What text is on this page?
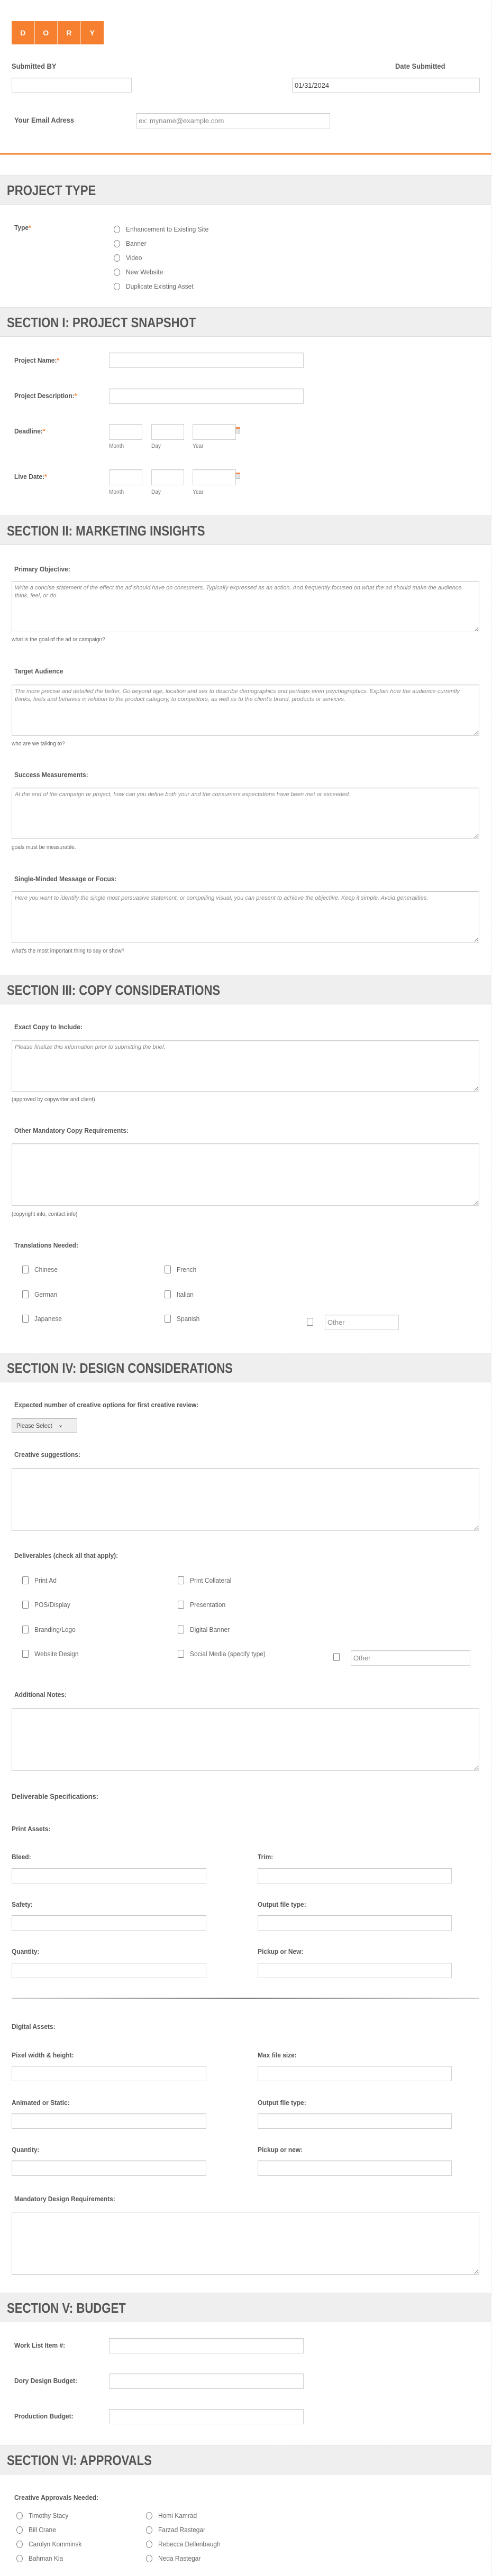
D	O	R	Y
Submitted BY	Date Submitted
01/31/2024
Your Email Adress
ex: myname@example.com
PROJECT TYPE
Type*	Enhancement to Existing Site
Banner
Video
New Website
Duplicate Existing Asset
SECTION I: PROJECT SNAPSHOT
Project Name:*
Project Description:*
Deadline:*
Month	Day	Year
Live Date:*
Month	Day	Year
SECTION II: MARKETING INSIGHTS
Primary Objective:
Write a concise statement of the effect the ad should have on consumers. Typically expressed as an action. And frequently focused on what the ad should make the audience think, feel, or do.
what is the goal of the ad or campaign?
Target Audience
The more precise and detailed the better. Go beyond age, location and sex to describe demographics and perhaps even psychographics. Explain how the audience currently thinks, feels and behaves in relation to the product category, to competitors, as well as to the client's brand, products or services.
who are we talking to?
Success Measurements:
At the end of the campaign or project, how can you define both your and the consumers expectations have been met or exceeded.
goals must be measurable.
Single-Minded Message or Focus:
Here you want to identify the single most persuasive statement, or compelling visual, you can present to achieve the objective. Keep it simple. Avoid generalities.
what's the most important thing to say or show?
SECTION III: COPY CONSIDERATIONS
Exact Copy to Include:
Please finalize this information prior to submitting the brief.
(approved by copywriter and client)
Other Mandatory Copy Requirements:
(copyright info, contact info)
Translations Needed:
Chinese	French
German	Italian
Japanese	Spanish
Other
SECTION IV: DESIGN CONSIDERATIONS
Expected number of creative options for first creative review:
Please Select ⌄
Creative suggestions:
Deliverables (check all that apply):
Print Ad	Print Collateral
POS/Display	Presentation
Branding/Logo	Digital Banner
Website Design	Social Media (specify type)
Other
Additional Notes:
Deliverable Specifications:
Print Assets:
Bleed:	Trim:
Safety:	Output file type:
Quantity:	Pickup or New:
Digital Assets:
Pixel width & height:	Max file size:
Animated or Static:	Output file type:
Quantity:	Pickup or new:
Mandatory Design Requirements:
SECTION V: BUDGET
Work List Item #:
Dory Design Budget:
Production Budget:
SECTION VI: APPROVALS
Creative Approvals Needed:
Timothy Stacy	Homi Kamrad
Bill Crane	Farzad Rastegar
Carolyn Komminsk	Rebecca Dellenbaugh
Bahman Kia	Neda Rastegar
